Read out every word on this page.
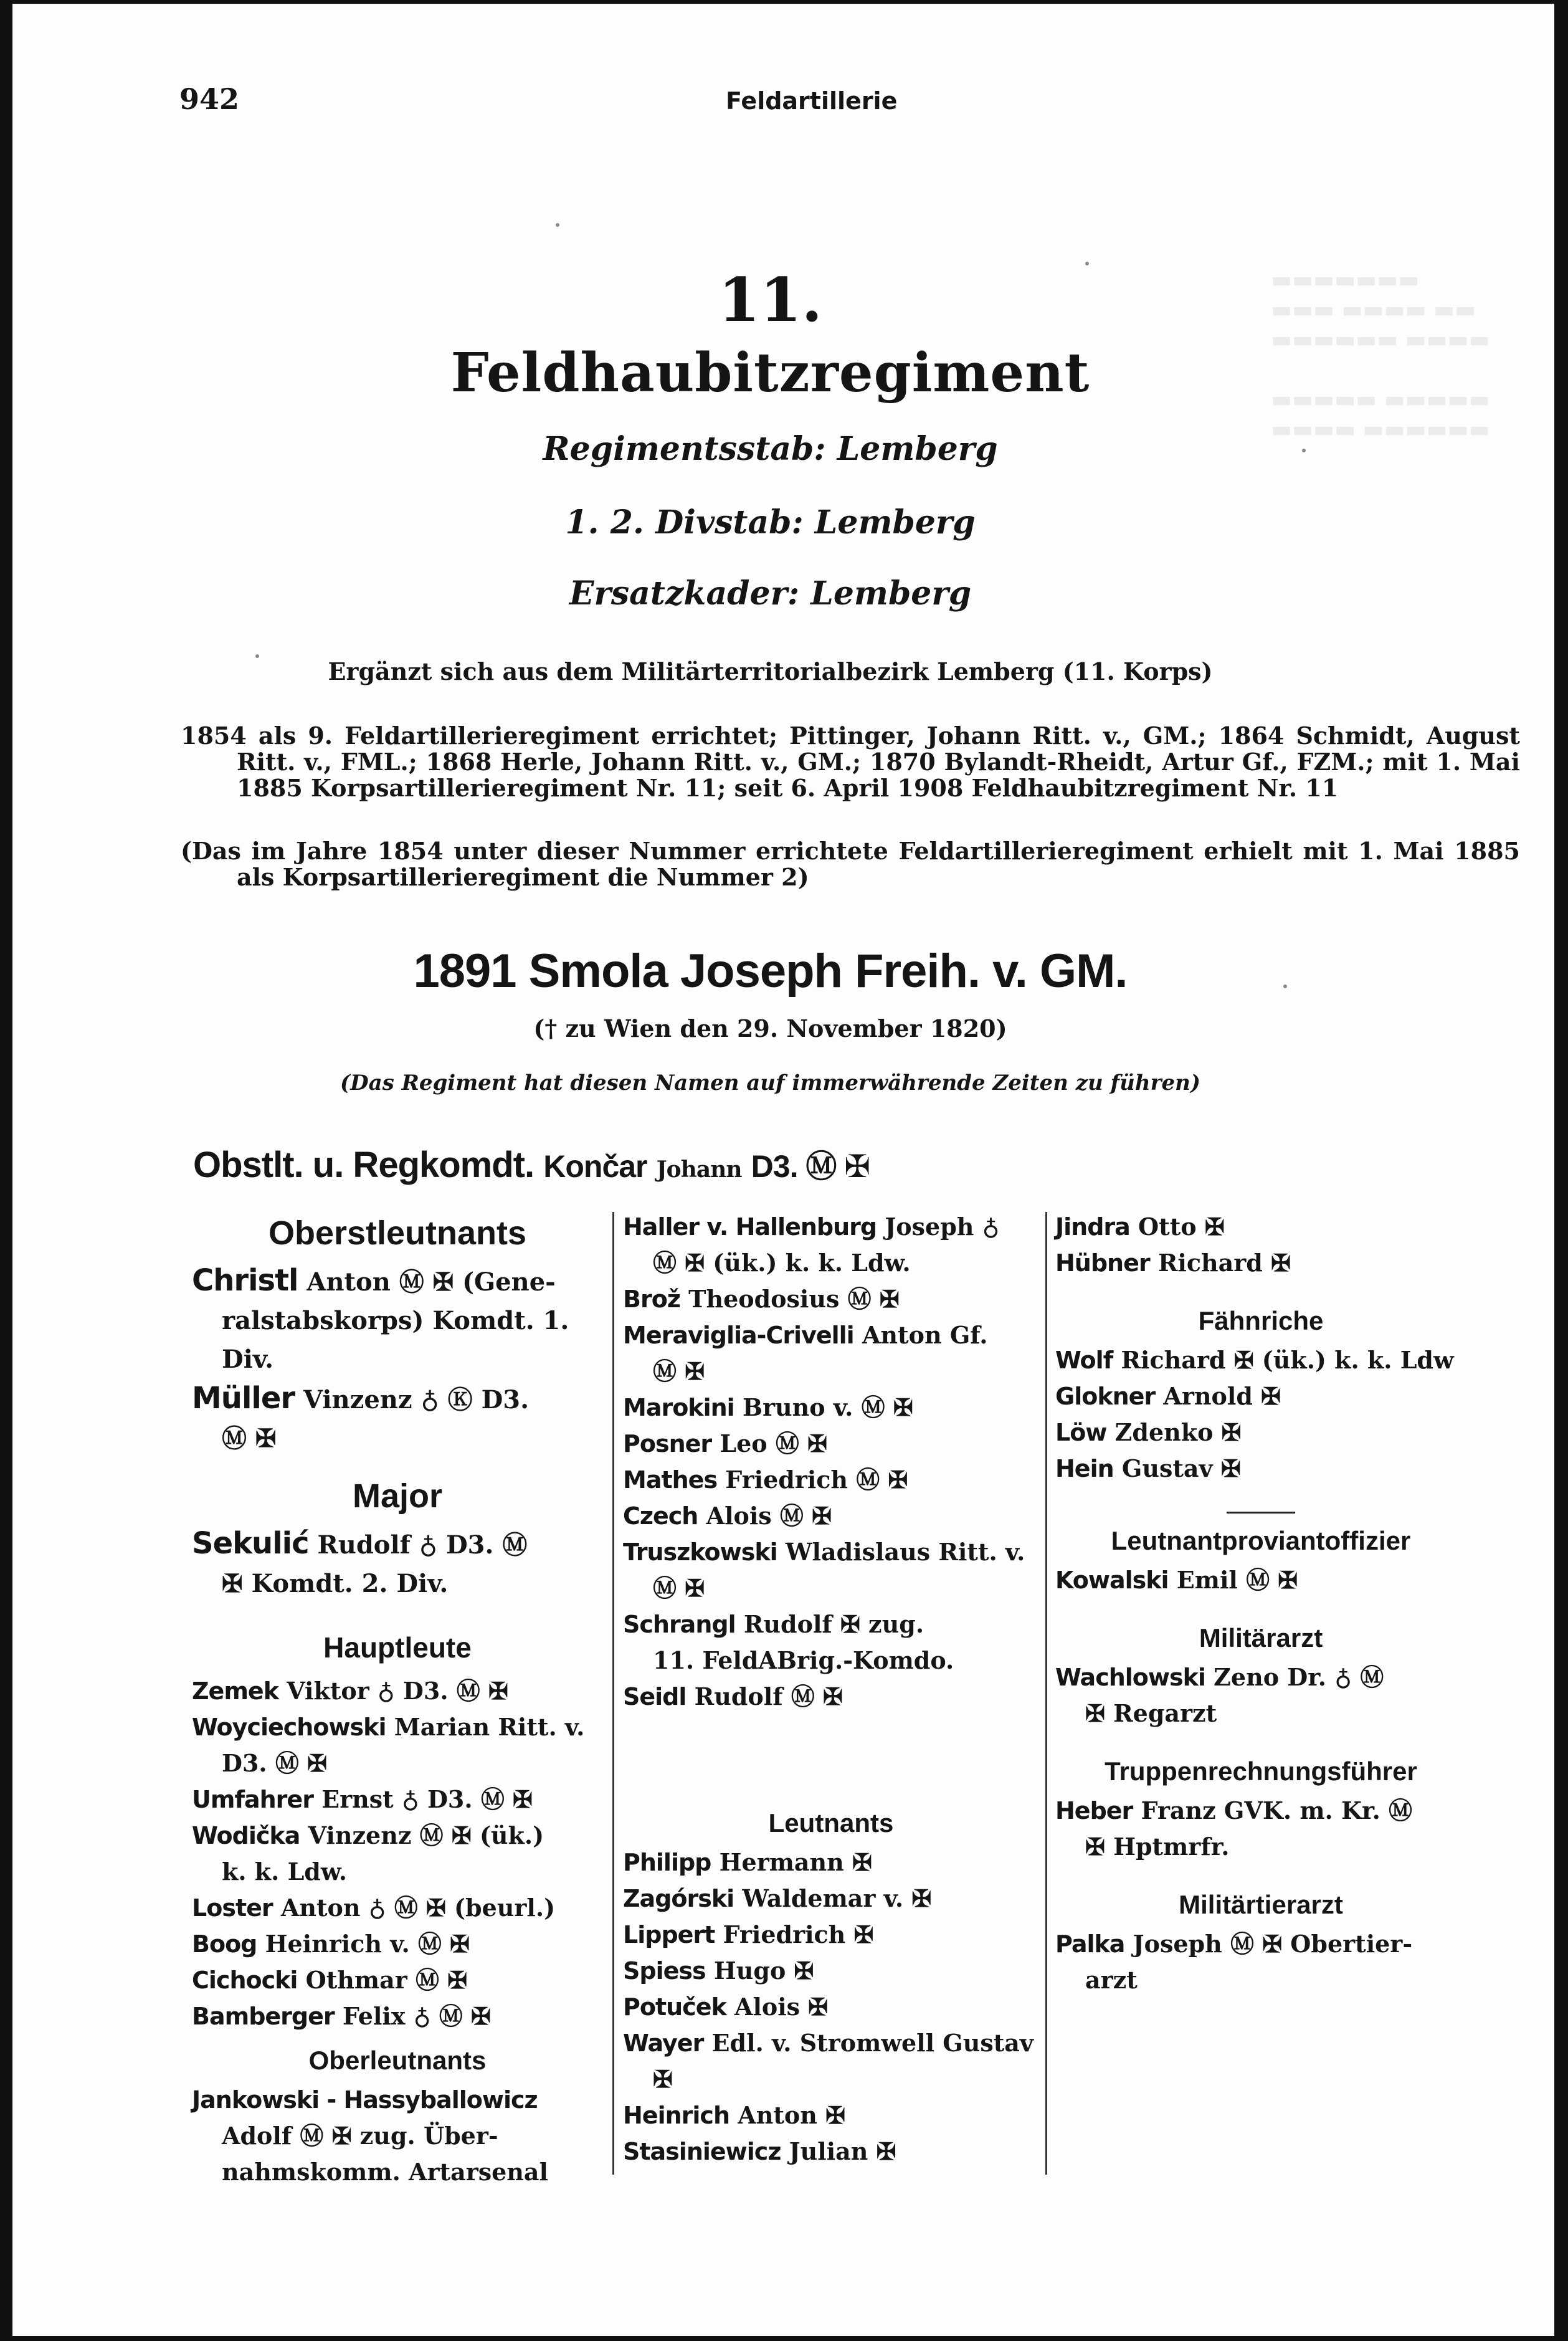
▬▬▬▬▬▬▬
▬▬▬ ▬▬▬▬ ▬▬
▬▬▬▬▬▬ ▬▬▬▬

▬▬▬▬▬ ▬▬▬▬▬
▬▬▬▬ ▬▬▬▬▬▬
942	Feldartillerie
11.
Feldhaubitzregiment
Regimentsstab: Lemberg
1. 2. Divstab: Lemberg
Ersatzkader: Lemberg
Ergänzt sich aus dem Militärterritorialbezirk Lemberg (11. Korps)
1854 als 9. Feldartillerieregiment errichtet; Pittinger, Johann Ritt. v., GM.; 1864 Schmidt, August Ritt. v., FML.; 1868 Herle, Johann Ritt. v., GM.; 1870 Bylandt-Rheidt, Artur Gf., FZM.; mit 1. Mai 1885 Korpsartillerieregiment Nr. 11; seit 6. April 1908 Feldhaubitzregiment Nr. 11
(Das im Jahre 1854 unter dieser Nummer errichtete Feldartillerieregiment erhielt mit 1. Mai 1885 als Korpsartillerieregiment die Nummer 2)
1891 Smola Joseph Freih. v. GM.
(† zu Wien den 29. November 1820)
(Das Regiment hat diesen Namen auf immerwährende Zeiten zu führen)
Obstlt. u. Regkomdt. Končar Johann D3. Ⓜ ✠
Oberstleutnants
Christl Anton Ⓜ ✠ (Gene-
ralstabskorps) Komdt. 1. Div.
Müller Vinzenz ♁ Ⓚ D3.
Ⓜ ✠
Major
Sekulić Rudolf ♁ D3. Ⓜ
✠ Komdt. 2. Div.
Hauptleute
Zemek Viktor ♁ D3. Ⓜ ✠
Woyciechowski Marian Ritt. v.
D3. Ⓜ ✠
Umfahrer Ernst ♁ D3. Ⓜ ✠
Wodička Vinzenz Ⓜ ✠ (ük.)
k. k. Ldw.
Loster Anton ♁ Ⓜ ✠ (beurl.)
Boog Heinrich v. Ⓜ ✠
Cichocki Othmar Ⓜ ✠
Bamberger Felix ♁ Ⓜ ✠
Oberleutnants
Jankowski - Hassyballowicz
Adolf Ⓜ ✠ zug. Über-
nahmskomm. Artarsenal
Haller v. Hallenburg Joseph ♁
Ⓜ ✠ (ük.) k. k. Ldw.
Brož Theodosius Ⓜ ✠
Meraviglia-Crivelli Anton Gf.
Ⓜ ✠
Marokini Bruno v. Ⓜ ✠
Posner Leo Ⓜ ✠
Mathes Friedrich Ⓜ ✠
Czech Alois Ⓜ ✠
Truszkowski Wladislaus Ritt. v.
Ⓜ ✠
Schrangl Rudolf ✠ zug.
11. FeldABrig.-Komdo.
Seidl Rudolf Ⓜ ✠
Leutnants
Philipp Hermann ✠
Zagórski Waldemar v. ✠
Lippert Friedrich ✠
Spiess Hugo ✠
Potuček Alois ✠
Wayer Edl. v. Stromwell Gustav
✠
Heinrich Anton ✠
Stasiniewicz Julian ✠
Jindra Otto ✠
Hübner Richard ✠
Fähnriche
Wolf Richard ✠ (ük.) k. k. Ldw
Glokner Arnold ✠
Löw Zdenko ✠
Hein Gustav ✠
Leutnantproviantoffizier
Kowalski Emil Ⓜ ✠
Militärarzt
Wachlowski Zeno Dr. ♁ Ⓜ
✠ Regarzt
Truppenrechnungsführer
Heber Franz GVK. m. Kr. Ⓜ
✠ Hptmrfr.
Militärtierarzt
Palka Joseph Ⓜ ✠ Obertier-
arzt
